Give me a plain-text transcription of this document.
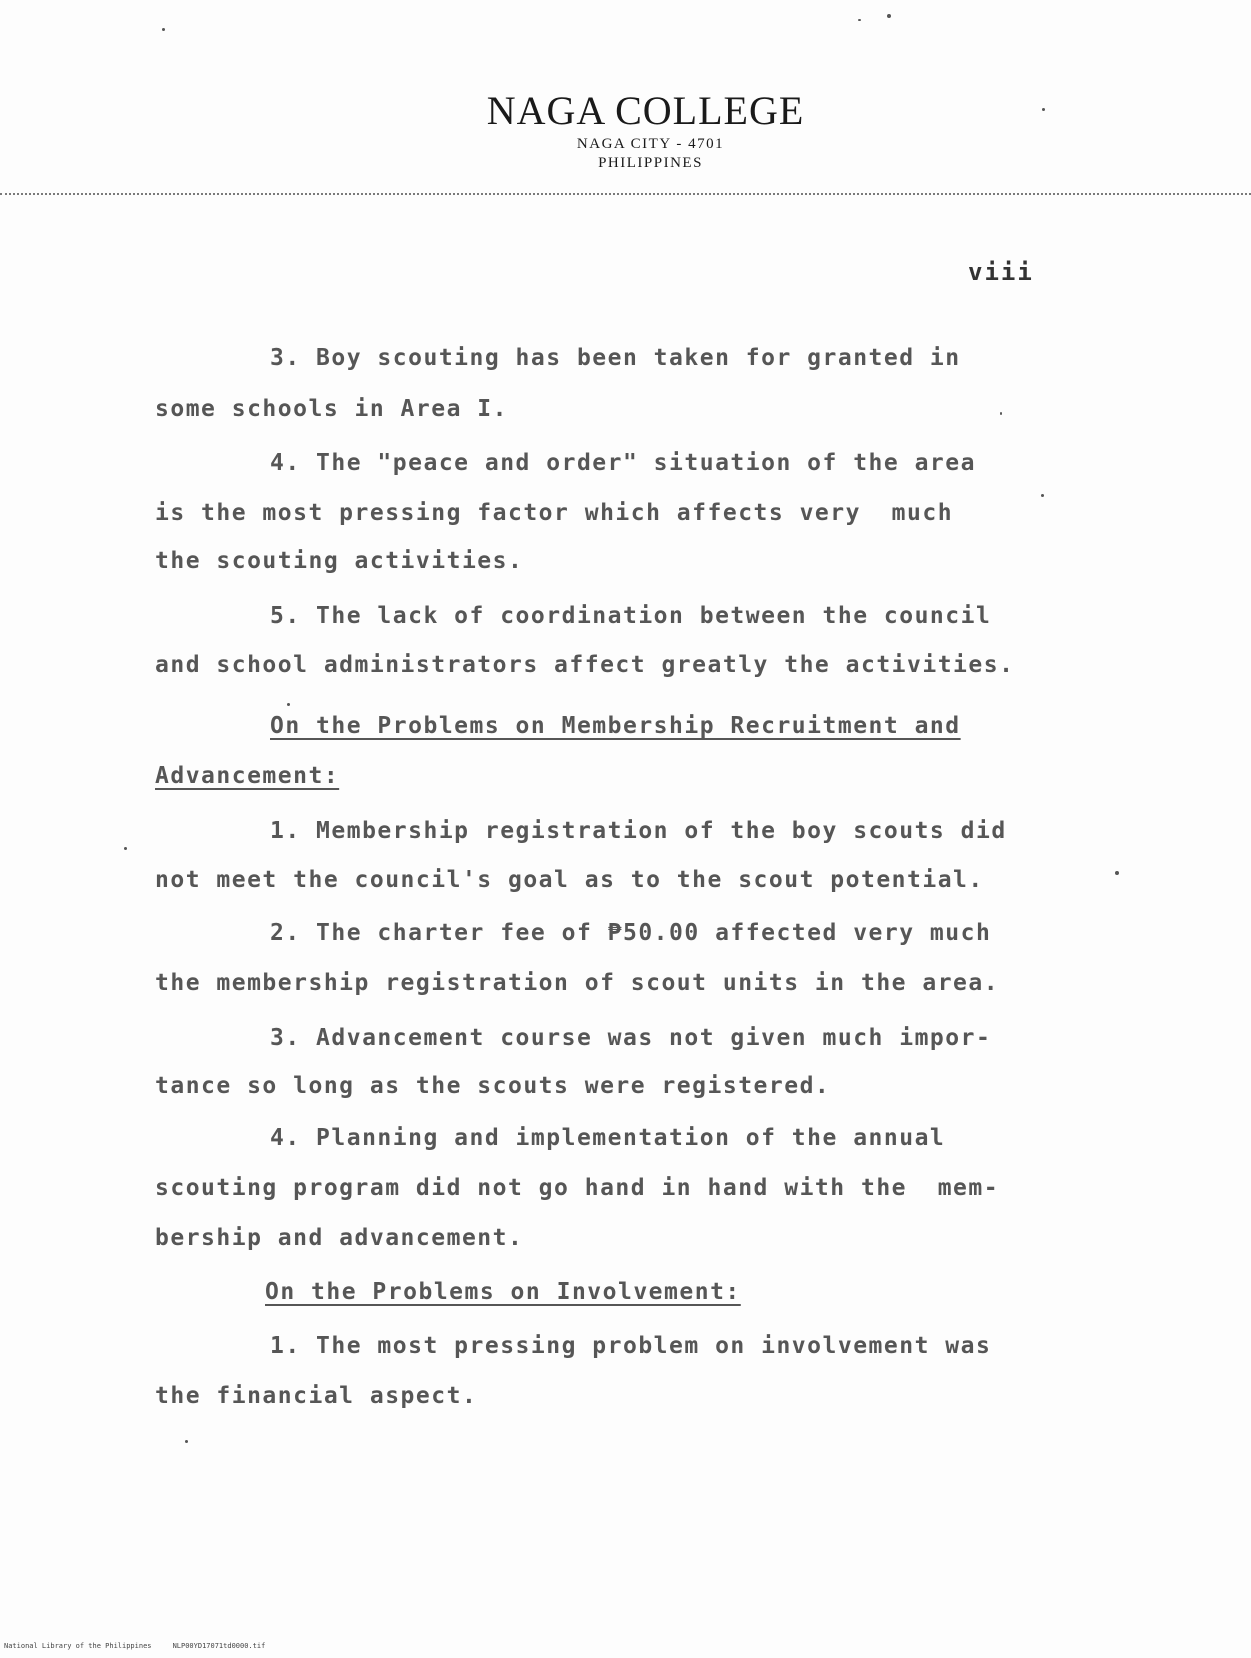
NAGA COLLEGE
NAGA CITY - 4701
PHILIPPINES
viii
3. Boy scouting has been taken for granted in
some schools in Area I.
4. The "peace and order" situation of the area
is the most pressing factor which affects very  much
the scouting activities.
5. The lack of coordination between the council
and school administrators affect greatly the activities.
On the Problems on Membership Recruitment and
Advancement:
1. Membership registration of the boy scouts did
not meet the council's goal as to the scout potential.
2. The charter fee of ₱50.00 affected very much
the membership registration of scout units in the area.
3. Advancement course was not given much impor-
tance so long as the scouts were registered.
4. Planning and implementation of the annual
scouting program did not go hand in hand with the  mem-
bership and advancement.
On the Problems on Involvement:
1. The most pressing problem on involvement was
the financial aspect.
National Library of the Philippines     NLP00YD17071td0000.tif
